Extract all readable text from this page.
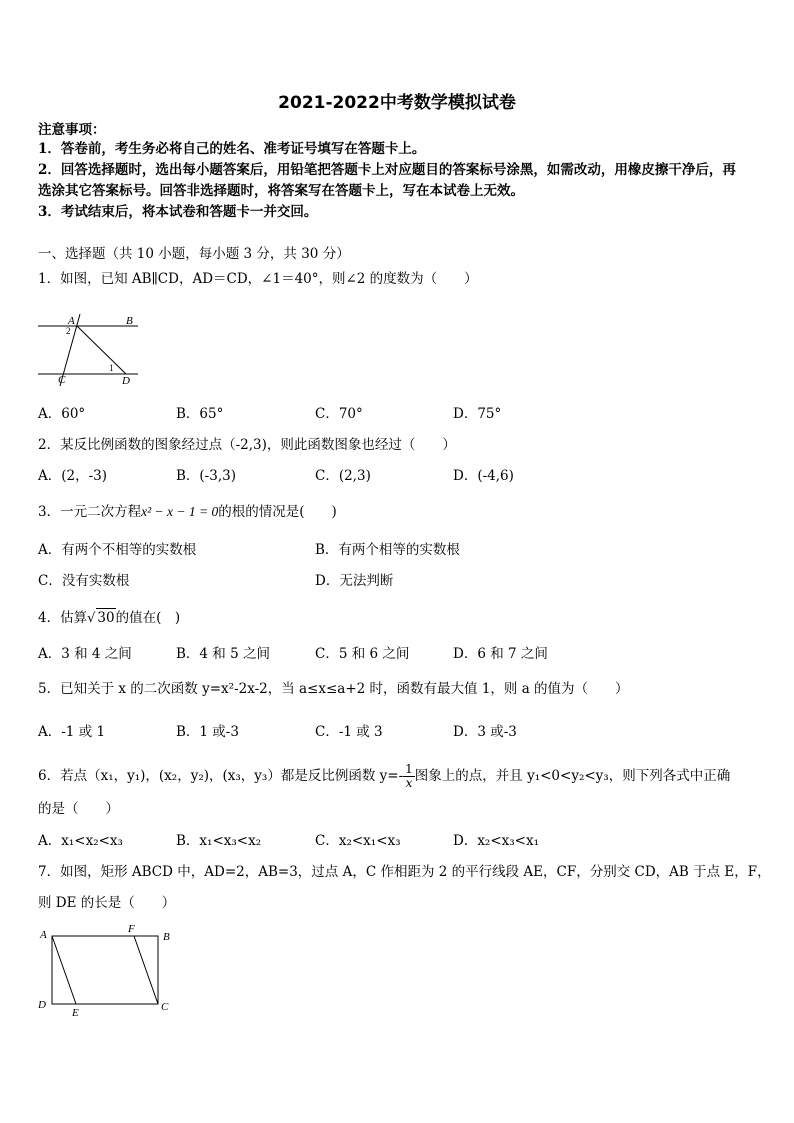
2021-2022中考数学模拟试卷
注意事项：
1．答卷前，考生务必将自己的姓名、准考证号填写在答题卡上。
2．回答选择题时，选出每小题答案后，用铅笔把答题卡上对应题目的答案标号涂黑，如需改动，用橡皮擦干净后，再
选涂其它答案标号。回答非选择题时，将答案写在答题卡上，写在本试卷上无效。
3．考试结束后，将本试卷和答题卡一并交回。
一、选择题（共 10 小题，每小题 3 分，共 30 分）
1．如图，已知 AB∥CD，AD＝CD，∠1＝40°，则∠2 的度数为（　　）
A	B
2
1
C	D
A．60°	B．65°	C．70°	D．75°
2．某反比例函数的图象经过点（-2,3)，则此函数图象也经过（　　）
A．(2，-3)	B．(-3,3)	C．(2,3)	D．(-4,6)
3．一元二次方程x² − x − 1 = 0的根的情况是(　　)
A．有两个不相等的实数根	B．有两个相等的实数根
C．没有实数根	D．无法判断
4．估算√ 30的值在(　)
A．3 和 4 之间	B．4 和 5 之间	C．5 和 6 之间	D．6 和 7 之间
5．已知关于 x 的二次函数 y=x²-2x-2，当 a≤x≤a+2 时，函数有最大值 1，则 a 的值为（　　）
A．-1 或 1	B．1 或-3	C．-1 或 3	D．3 或-3
6．若点（x₁，y₁)，(x₂，y₂)，(x₃，y₃）都是反比例函数 $y=- \frac{1}{x}$ 图象上的点，并且 y₁<0<y₂<y₃，则下列各式中正确
的是（　　）
A．x₁<x₂<x₃	B．x₁<x₃<x₂	C．x₂<x₁<x₃	D．x₂<x₃<x₁
7．如图，矩形 ABCD 中，AD=2，AB=3，过点 A，C 作相距为 2 的平行线段 AE，CF，分别交 CD，AB 于点 E，F，
则 DE 的长是（　　）
A	F
B
D
E	C
